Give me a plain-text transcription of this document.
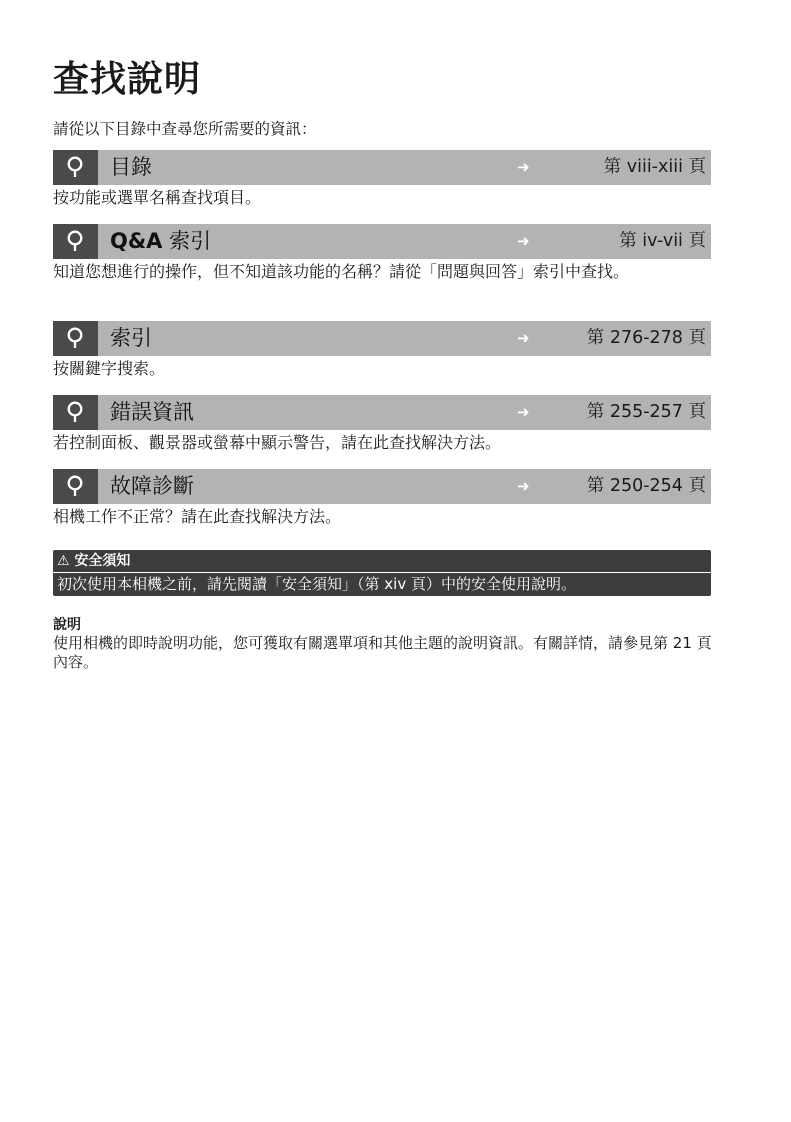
查找說明
請從以下目錄中查尋您所需要的資訊：
目錄	➜	第 viii-xiii 頁
按功能或選單名稱查找項目。
Q&A 索引	➜	第 iv-vii 頁
知道您想進行的操作，但不知道該功能的名稱？請從「問題與回答」索引中查找。
索引	➜	第 276-278 頁
按關鍵字搜索。
錯誤資訊	➜	第 255-257 頁
若控制面板、觀景器或螢幕中顯示警告，請在此查找解決方法。
故障診斷	➜	第 250-254 頁
相機工作不正常？請在此查找解決方法。
⚠ 安全須知
初次使用本相機之前，請先閱讀「安全須知」（第 xiv 頁）中的安全使用說明。
說明
使用相機的即時說明功能，您可獲取有關選單項和其他主題的說明資訊。有關詳情，請參見第 21 頁內容。
